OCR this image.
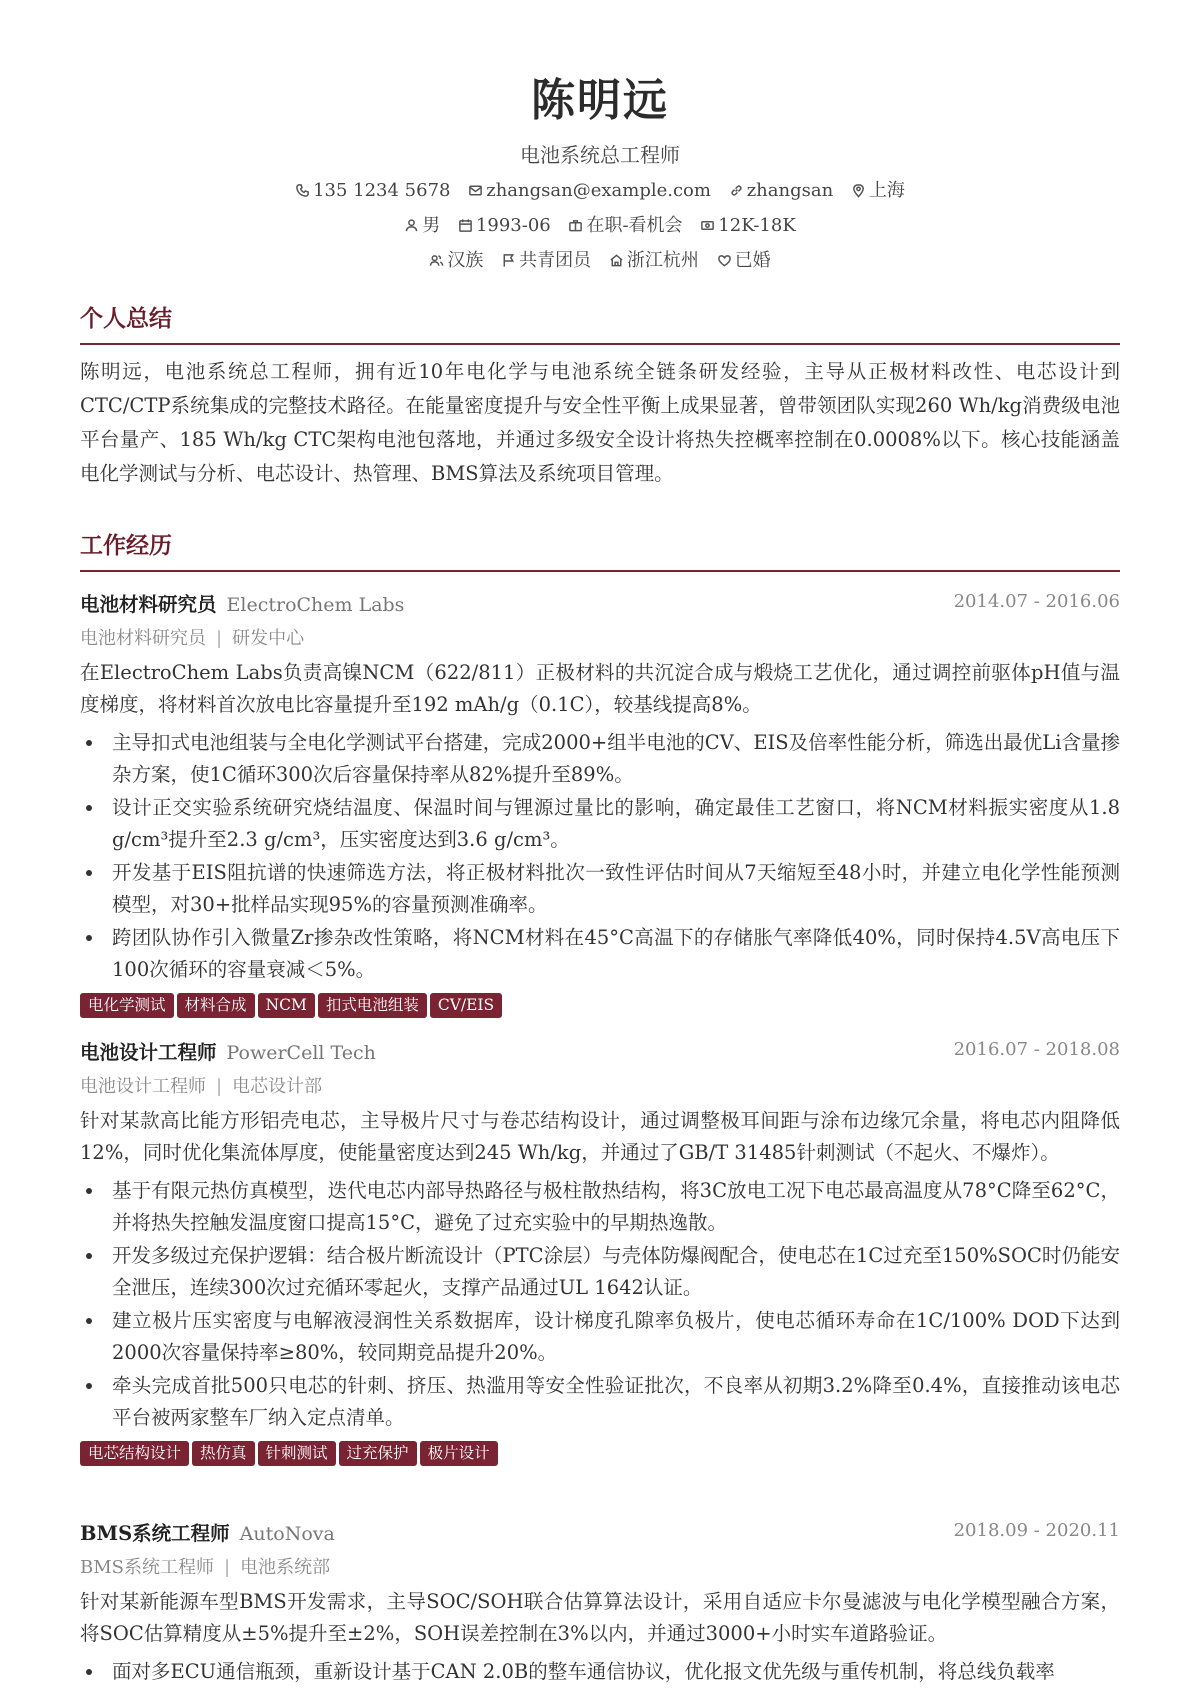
陈明远
电池系统总工程师
135 1234 5678 zhangsan@example.com zhangsan 上海
男 1993-06 在职-看机会 12K-18K
汉族 共青团员 浙江杭州 已婚
个人总结
陈明远，电池系统总工程师，拥有近10年电化学与电池系统全链条研发经验，主导从正极材料改性、电芯设计到CTC/CTP系统集成的完整技术路径。在能量密度提升与安全性平衡上成果显著，曾带领团队实现260 Wh/kg消费级电池平台量产、185 Wh/kg CTC架构电池包落地，并通过多级安全设计将热失控概率控制在0.0008%以下。核心技能涵盖电化学测试与分析、电芯设计、热管理、BMS算法及系统项目管理。
工作经历
电池材料研究员 ElectroChem Labs	2014.07 - 2016.06
电池材料研究员 | 研发中心
在ElectroChem Labs负责高镍NCM（622/811）正极材料的共沉淀合成与煅烧工艺优化，通过调控前驱体pH值与温度梯度，将材料首次放电比容量提升至192 mAh/g（0.1C），较基线提高8%。
主导扣式电池组装与全电化学测试平台搭建，完成2000+组半电池的CV、EIS及倍率性能分析，筛选出最优Li含量掺杂方案，使1C循环300次后容量保持率从82%提升至89%。
设计正交实验系统研究烧结温度、保温时间与锂源过量比的影响，确定最佳工艺窗口，将NCM材料振实密度从1.8 g/cm³提升至2.3 g/cm³，压实密度达到3.6 g/cm³。
开发基于EIS阻抗谱的快速筛选方法，将正极材料批次一致性评估时间从7天缩短至48小时，并建立电化学性能预测模型，对30+批样品实现95%的容量预测准确率。
跨团队协作引入微量Zr掺杂改性策略，将NCM材料在45°C高温下的存储胀气率降低40%，同时保持4.5V高电压下100次循环的容量衰减＜5%。
电化学测试 材料合成 NCM 扣式电池组装 CV/EIS
电池设计工程师 PowerCell Tech	2016.07 - 2018.08
电池设计工程师 | 电芯设计部
针对某款高比能方形铝壳电芯，主导极片尺寸与卷芯结构设计，通过调整极耳间距与涂布边缘冗余量，将电芯内阻降低12%，同时优化集流体厚度，使能量密度达到245 Wh/kg，并通过了GB/T 31485针刺测试（不起火、不爆炸）。
基于有限元热仿真模型，迭代电芯内部导热路径与极柱散热结构，将3C放电工况下电芯最高温度从78°C降至62°C，并将热失控触发温度窗口提高15°C，避免了过充实验中的早期热逸散。
开发多级过充保护逻辑：结合极片断流设计（PTC涂层）与壳体防爆阀配合，使电芯在1C过充至150%SOC时仍能安全泄压，连续300次过充循环零起火，支撑产品通过UL 1642认证。
建立极片压实密度与电解液浸润性关系数据库，设计梯度孔隙率负极片，使电芯循环寿命在1C/100% DOD下达到2000次容量保持率≥80%，较同期竞品提升20%。
牵头完成首批500只电芯的针刺、挤压、热滥用等安全性验证批次，不良率从初期3.2%降至0.4%，直接推动该电芯平台被两家整车厂纳入定点清单。
电芯结构设计 热仿真 针刺测试 过充保护 极片设计
BMS系统工程师 AutoNova	2018.09 - 2020.11
BMS系统工程师 | 电池系统部
针对某新能源车型BMS开发需求，主导SOC/SOH联合估算算法设计，采用自适应卡尔曼滤波与电化学模型融合方案，将SOC估算精度从±5%提升至±2%，SOH误差控制在3%以内，并通过3000+小时实车道路验证。
面对多ECU通信瓶颈，重新设计基于CAN 2.0B的整车通信协议，优化报文优先级与重传机制，将总线负载率
